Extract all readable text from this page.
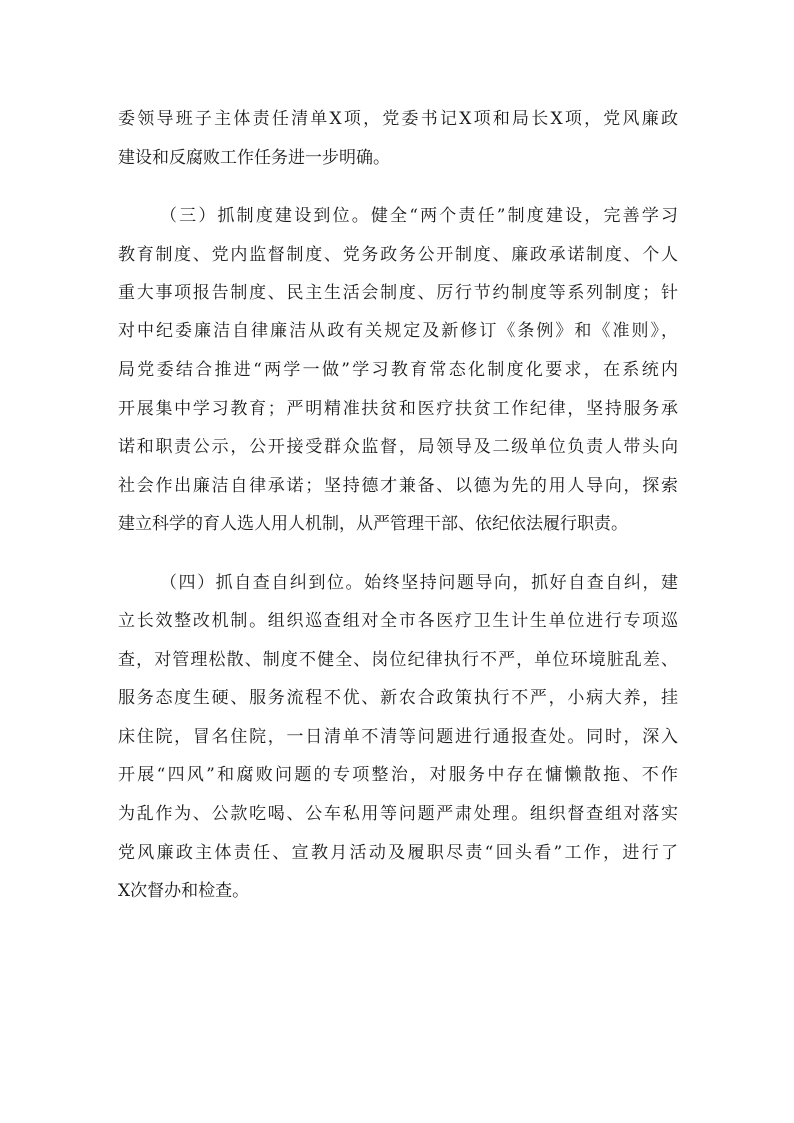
委领导班子主体责任清单X项，党委书记X项和局长X项，党风廉政
建设和反腐败工作任务进一步明确。
（三）抓制度建设到位。健全“两个责任”制度建设，完善学习
教育制度、党内监督制度、党务政务公开制度、廉政承诺制度、个人
重大事项报告制度、民主生活会制度、厉行节约制度等系列制度；针
对中纪委廉洁自律廉洁从政有关规定及新修订《条例》和《准则》，
局党委结合推进“两学一做”学习教育常态化制度化要求，在系统内
开展集中学习教育；严明精准扶贫和医疗扶贫工作纪律，坚持服务承
诺和职责公示，公开接受群众监督，局领导及二级单位负责人带头向
社会作出廉洁自律承诺；坚持德才兼备、以德为先的用人导向，探索
建立科学的育人选人用人机制，从严管理干部、依纪依法履行职责。
（四）抓自查自纠到位。始终坚持问题导向，抓好自查自纠，建
立长效整改机制。组织巡查组对全市各医疗卫生计生单位进行专项巡
查，对管理松散、制度不健全、岗位纪律执行不严，单位环境脏乱差、
服务态度生硬、服务流程不优、新农合政策执行不严，小病大养，挂
床住院，冒名住院，一日清单不清等问题进行通报查处。同时，深入
开展“四风”和腐败问题的专项整治，对服务中存在慵懒散拖、不作
为乱作为、公款吃喝、公车私用等问题严肃处理。组织督查组对落实
党风廉政主体责任、宣教月活动及履职尽责“回头看”工作，进行了
X次督办和检查。
